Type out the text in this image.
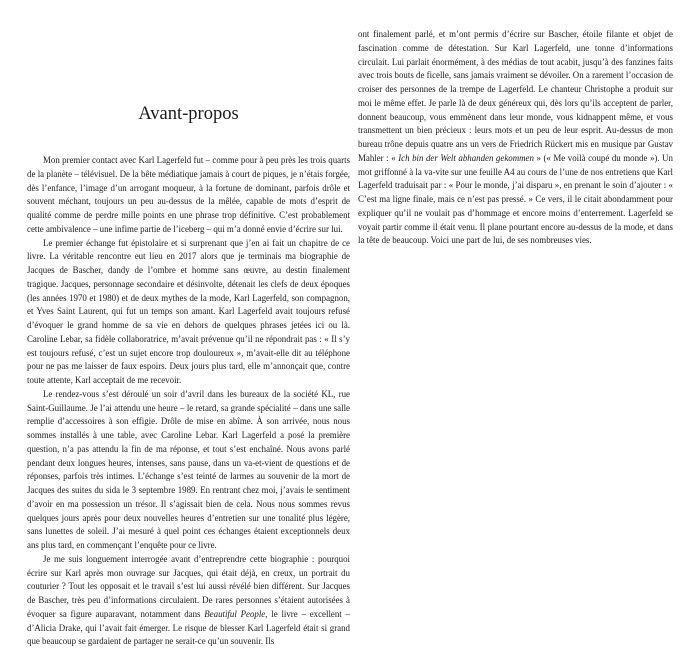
Avant-propos

Mon premier contact avec Karl Lagerfeld fut – comme pour à peu près les trois quarts de la planète – télévisuel. De la bête médiatique jamais à court de piques, je n’étais forgée, dès l’enfance, l’image d’un arrogant moqueur, à la fortune de dominant, parfois drôle et souvent méchant, toujours un peu au-dessus de la mêlée, capable de mots d’esprit de qualité comme de perdre mille points en une phrase trop définitive. C’est probablement cette ambivalence – une infime partie de l’iceberg – qui m’a donné envie d’écrire sur lui.

Le premier échange fut épistolaire et si surprenant que j’en ai fait un chapitre de ce livre. La véritable rencontre eut lieu en 2017 alors que je terminais ma biographie de Jacques de Bascher, dandy de l’ombre et homme sans œuvre, au destin finalement tragique. Jacques, personnage secondaire et désinvolte, détenait les clefs de deux époques (les années 1970 et 1980) et de deux mythes de la mode, Karl Lagerfeld, son compagnon, et Yves Saint Laurent, qui fut un temps son amant. Karl Lagerfeld avait toujours refusé d’évoquer le grand homme de sa vie en dehors de quelques phrases jetées ici ou là. Caroline Lebar, sa fidèle collaboratrice, m’avait prévenue qu’il ne répondrait pas : « Il s’y est toujours refusé, c’est un sujet encore trop douloureux », m’avait-elle dit au téléphone pour ne pas me laisser de faux espoirs. Deux jours plus tard, elle m’annonçait que, contre toute attente, Karl acceptait de me recevoir.

Le rendez-vous s’est déroulé un soir d’avril dans les bureaux de la société KL, rue Saint-Guillaume. Je l’ai attendu une heure – le retard, sa grande spécialité – dans une salle remplie d’accessoires à son effigie. Drôle de mise en abîme. À son arrivée, nous nous sommes installés à une table, avec Caroline Lebar. Karl Lagerfeld a posé la première question, n’a pas attendu la fin de ma réponse, et tout s’est enchaîné. Nous avons parlé pendant deux longues heures, intenses, sans pause, dans un va-et-vient de questions et de réponses, parfois très intimes. L’échange s’est teinté de larmes au souvenir de la mort de Jacques des suites du sida le 3 septembre 1989. En rentrant chez moi, j’avais le sentiment d’avoir en ma possession un trésor. Il s’agissait bien de cela. Nous nous sommes revus quelques jours après pour deux nouvelles heures d’entretien sur une tonalité plus légère, sans lunettes de soleil. J’ai mesuré à quel point ces échanges étaient exceptionnels deux ans plus tard, en commençant l’enquête pour ce livre.

Je me suis longuement interrogée avant d’entreprendre cette biographie : pourquoi écrire sur Karl après mon ouvrage sur Jacques, qui était déjà, en creux, un portrait du couturier ? Tout les opposait et le travail s’est lui aussi révélé bien différent. Sur Jacques de Bascher, très peu d’informations circulaient. De rares personnes s’étaient autorisées à évoquer sa figure auparavant, notamment dans Beautiful People, le livre – excellent – d’Alicia Drake, qui l’avait fait émerger. Le risque de blesser Karl Lagerfeld était si grand que beaucoup se gardaient de partager ne serait-ce qu’un souvenir. Ils

ont finalement parlé, et m’ont permis d’écrire sur Bascher, étoile filante et objet de fascination comme de détestation. Sur Karl Lagerfeld, une tonne d’informations circulait. Lui parlait énormément, à des médias de tout acabit, jusqu’à des fanzines faits avec trois bouts de ficelle, sans jamais vraiment se dévoiler. On a rarement l’occasion de croiser des personnes de la trempe de Lagerfeld. Le chanteur Christophe a produit sur moi le même effet. Je parle là de deux généreux qui, dès lors qu’ils acceptent de parler, donnent beaucoup, vous emmènent dans leur monde, vous kidnappent même, et vous transmettent un bien précieux : leurs mots et un peu de leur esprit. Au-dessus de mon bureau trône depuis quatre ans un vers de Friedrich Rückert mis en musique par Gustav Mahler : « Ich bin der Welt abhanden gekommen » (« Me voilà coupé du monde »). Un mot griffonné à la va-vite sur une feuille A4 au cours de l’une de nos entretiens que Karl Lagerfeld traduisait par : « Pour le monde, j’ai disparu », en prenant le soin d’ajouter : « C’est ma ligne finale, mais ce n’est pas pressé. » Ce vers, il le citait abondamment pour expliquer qu’il ne voulait pas d’hommage et encore moins d’enterrement. Lagerfeld se voyait partir comme il était venu. Il plane pourtant encore au-dessus de la mode, et dans la tête de beaucoup. Voici une part de lui, de ses nombreuses vies.
